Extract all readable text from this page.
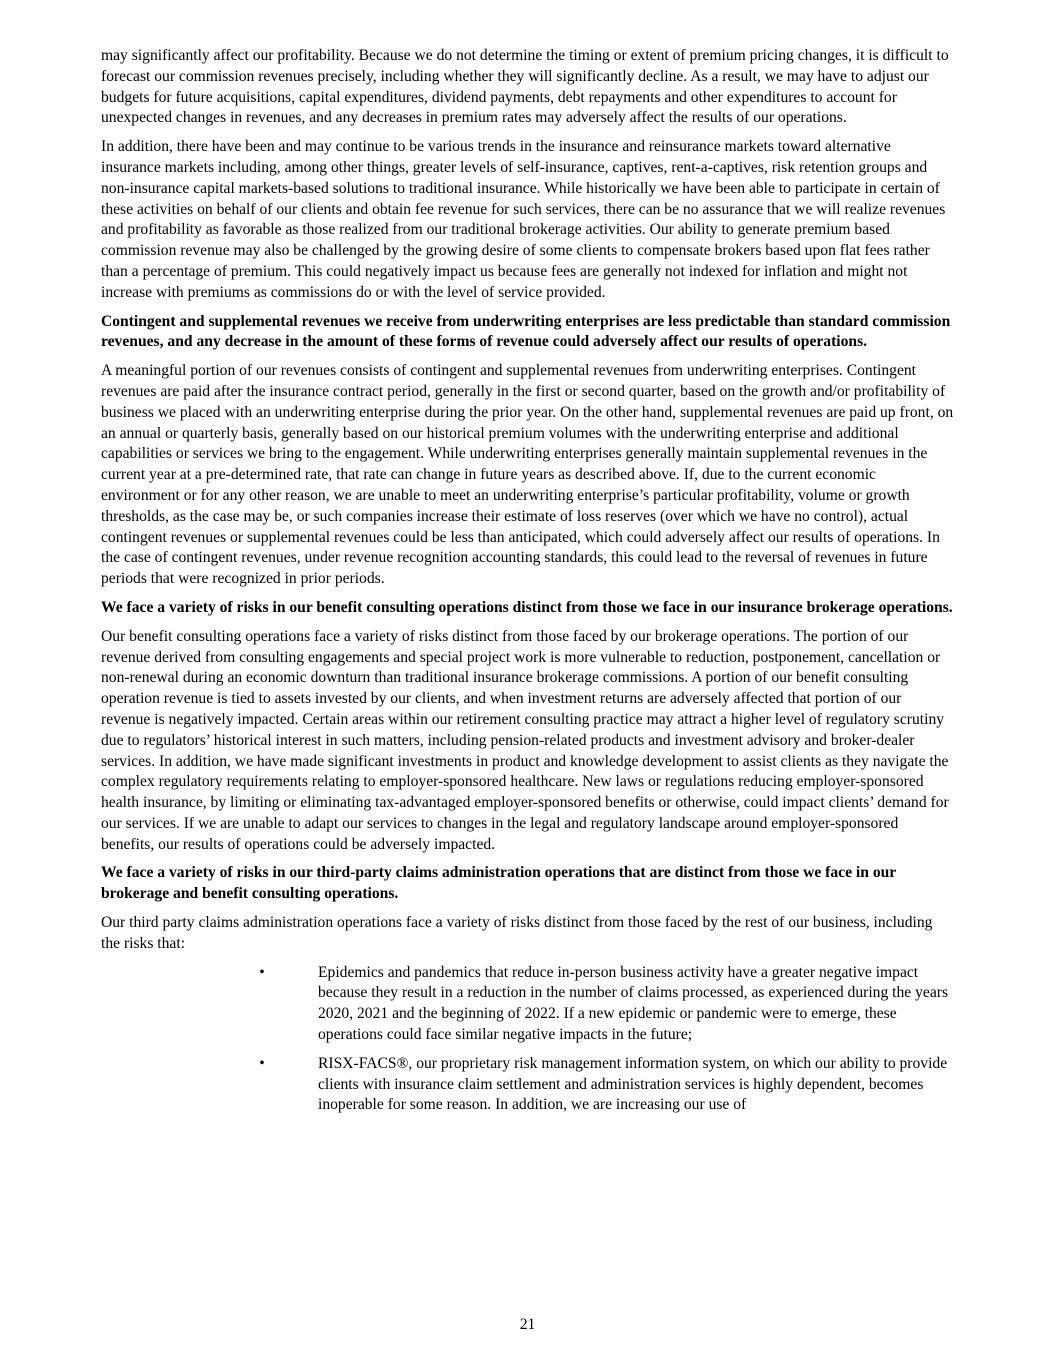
may significantly affect our profitability. Because we do not determine the timing or extent of premium pricing changes, it is difficult to forecast our commission revenues precisely, including whether they will significantly decline. As a result, we may have to adjust our budgets for future acquisitions, capital expenditures, dividend payments, debt repayments and other expenditures to account for unexpected changes in revenues, and any decreases in premium rates may adversely affect the results of our operations.

In addition, there have been and may continue to be various trends in the insurance and reinsurance markets toward alternative insurance markets including, among other things, greater levels of self-insurance, captives, rent-a-captives, risk retention groups and non-insurance capital markets-based solutions to traditional insurance. While historically we have been able to participate in certain of these activities on behalf of our clients and obtain fee revenue for such services, there can be no assurance that we will realize revenues and profitability as favorable as those realized from our traditional brokerage activities. Our ability to generate premium based commission revenue may also be challenged by the growing desire of some clients to compensate brokers based upon flat fees rather than a percentage of premium. This could negatively impact us because fees are generally not indexed for inflation and might not increase with premiums as commissions do or with the level of service provided.

Contingent and supplemental revenues we receive from underwriting enterprises are less predictable than standard commission revenues, and any decrease in the amount of these forms of revenue could adversely affect our results of operations.

A meaningful portion of our revenues consists of contingent and supplemental revenues from underwriting enterprises. Contingent revenues are paid after the insurance contract period, generally in the first or second quarter, based on the growth and/or profitability of business we placed with an underwriting enterprise during the prior year. On the other hand, supplemental revenues are paid up front, on an annual or quarterly basis, generally based on our historical premium volumes with the underwriting enterprise and additional capabilities or services we bring to the engagement. While underwriting enterprises generally maintain supplemental revenues in the current year at a pre-determined rate, that rate can change in future years as described above. If, due to the current economic environment or for any other reason, we are unable to meet an underwriting enterprise’s particular profitability, volume or growth thresholds, as the case may be, or such companies increase their estimate of loss reserves (over which we have no control), actual contingent revenues or supplemental revenues could be less than anticipated, which could adversely affect our results of operations. In the case of contingent revenues, under revenue recognition accounting standards, this could lead to the reversal of revenues in future periods that were recognized in prior periods.

We face a variety of risks in our benefit consulting operations distinct from those we face in our insurance brokerage operations.

Our benefit consulting operations face a variety of risks distinct from those faced by our brokerage operations. The portion of our revenue derived from consulting engagements and special project work is more vulnerable to reduction, postponement, cancellation or non-renewal during an economic downturn than traditional insurance brokerage commissions. A portion of our benefit consulting operation revenue is tied to assets invested by our clients, and when investment returns are adversely affected that portion of our revenue is negatively impacted. Certain areas within our retirement consulting practice may attract a higher level of regulatory scrutiny due to regulators’ historical interest in such matters, including pension-related products and investment advisory and broker-dealer services. In addition, we have made significant investments in product and knowledge development to assist clients as they navigate the complex regulatory requirements relating to employer-sponsored healthcare. New laws or regulations reducing employer-sponsored health insurance, by limiting or eliminating tax-advantaged employer-sponsored benefits or otherwise, could impact clients’ demand for our services. If we are unable to adapt our services to changes in the legal and regulatory landscape around employer-sponsored benefits, our results of operations could be adversely impacted.

We face a variety of risks in our third-party claims administration operations that are distinct from those we face in our brokerage and benefit consulting operations.

Our third party claims administration operations face a variety of risks distinct from those faced by the rest of our business, including the risks that:

•	Epidemics and pandemics that reduce in-person business activity have a greater negative impact because they result in a reduction in the number of claims processed, as experienced during the years 2020, 2021 and the beginning of 2022. If a new epidemic or pandemic were to emerge, these operations could face similar negative impacts in the future;
•	RISX-FACS®, our proprietary risk management information system, on which our ability to provide clients with insurance claim settlement and administration services is highly dependent, becomes inoperable for some reason. In addition, we are increasing our use of
21
